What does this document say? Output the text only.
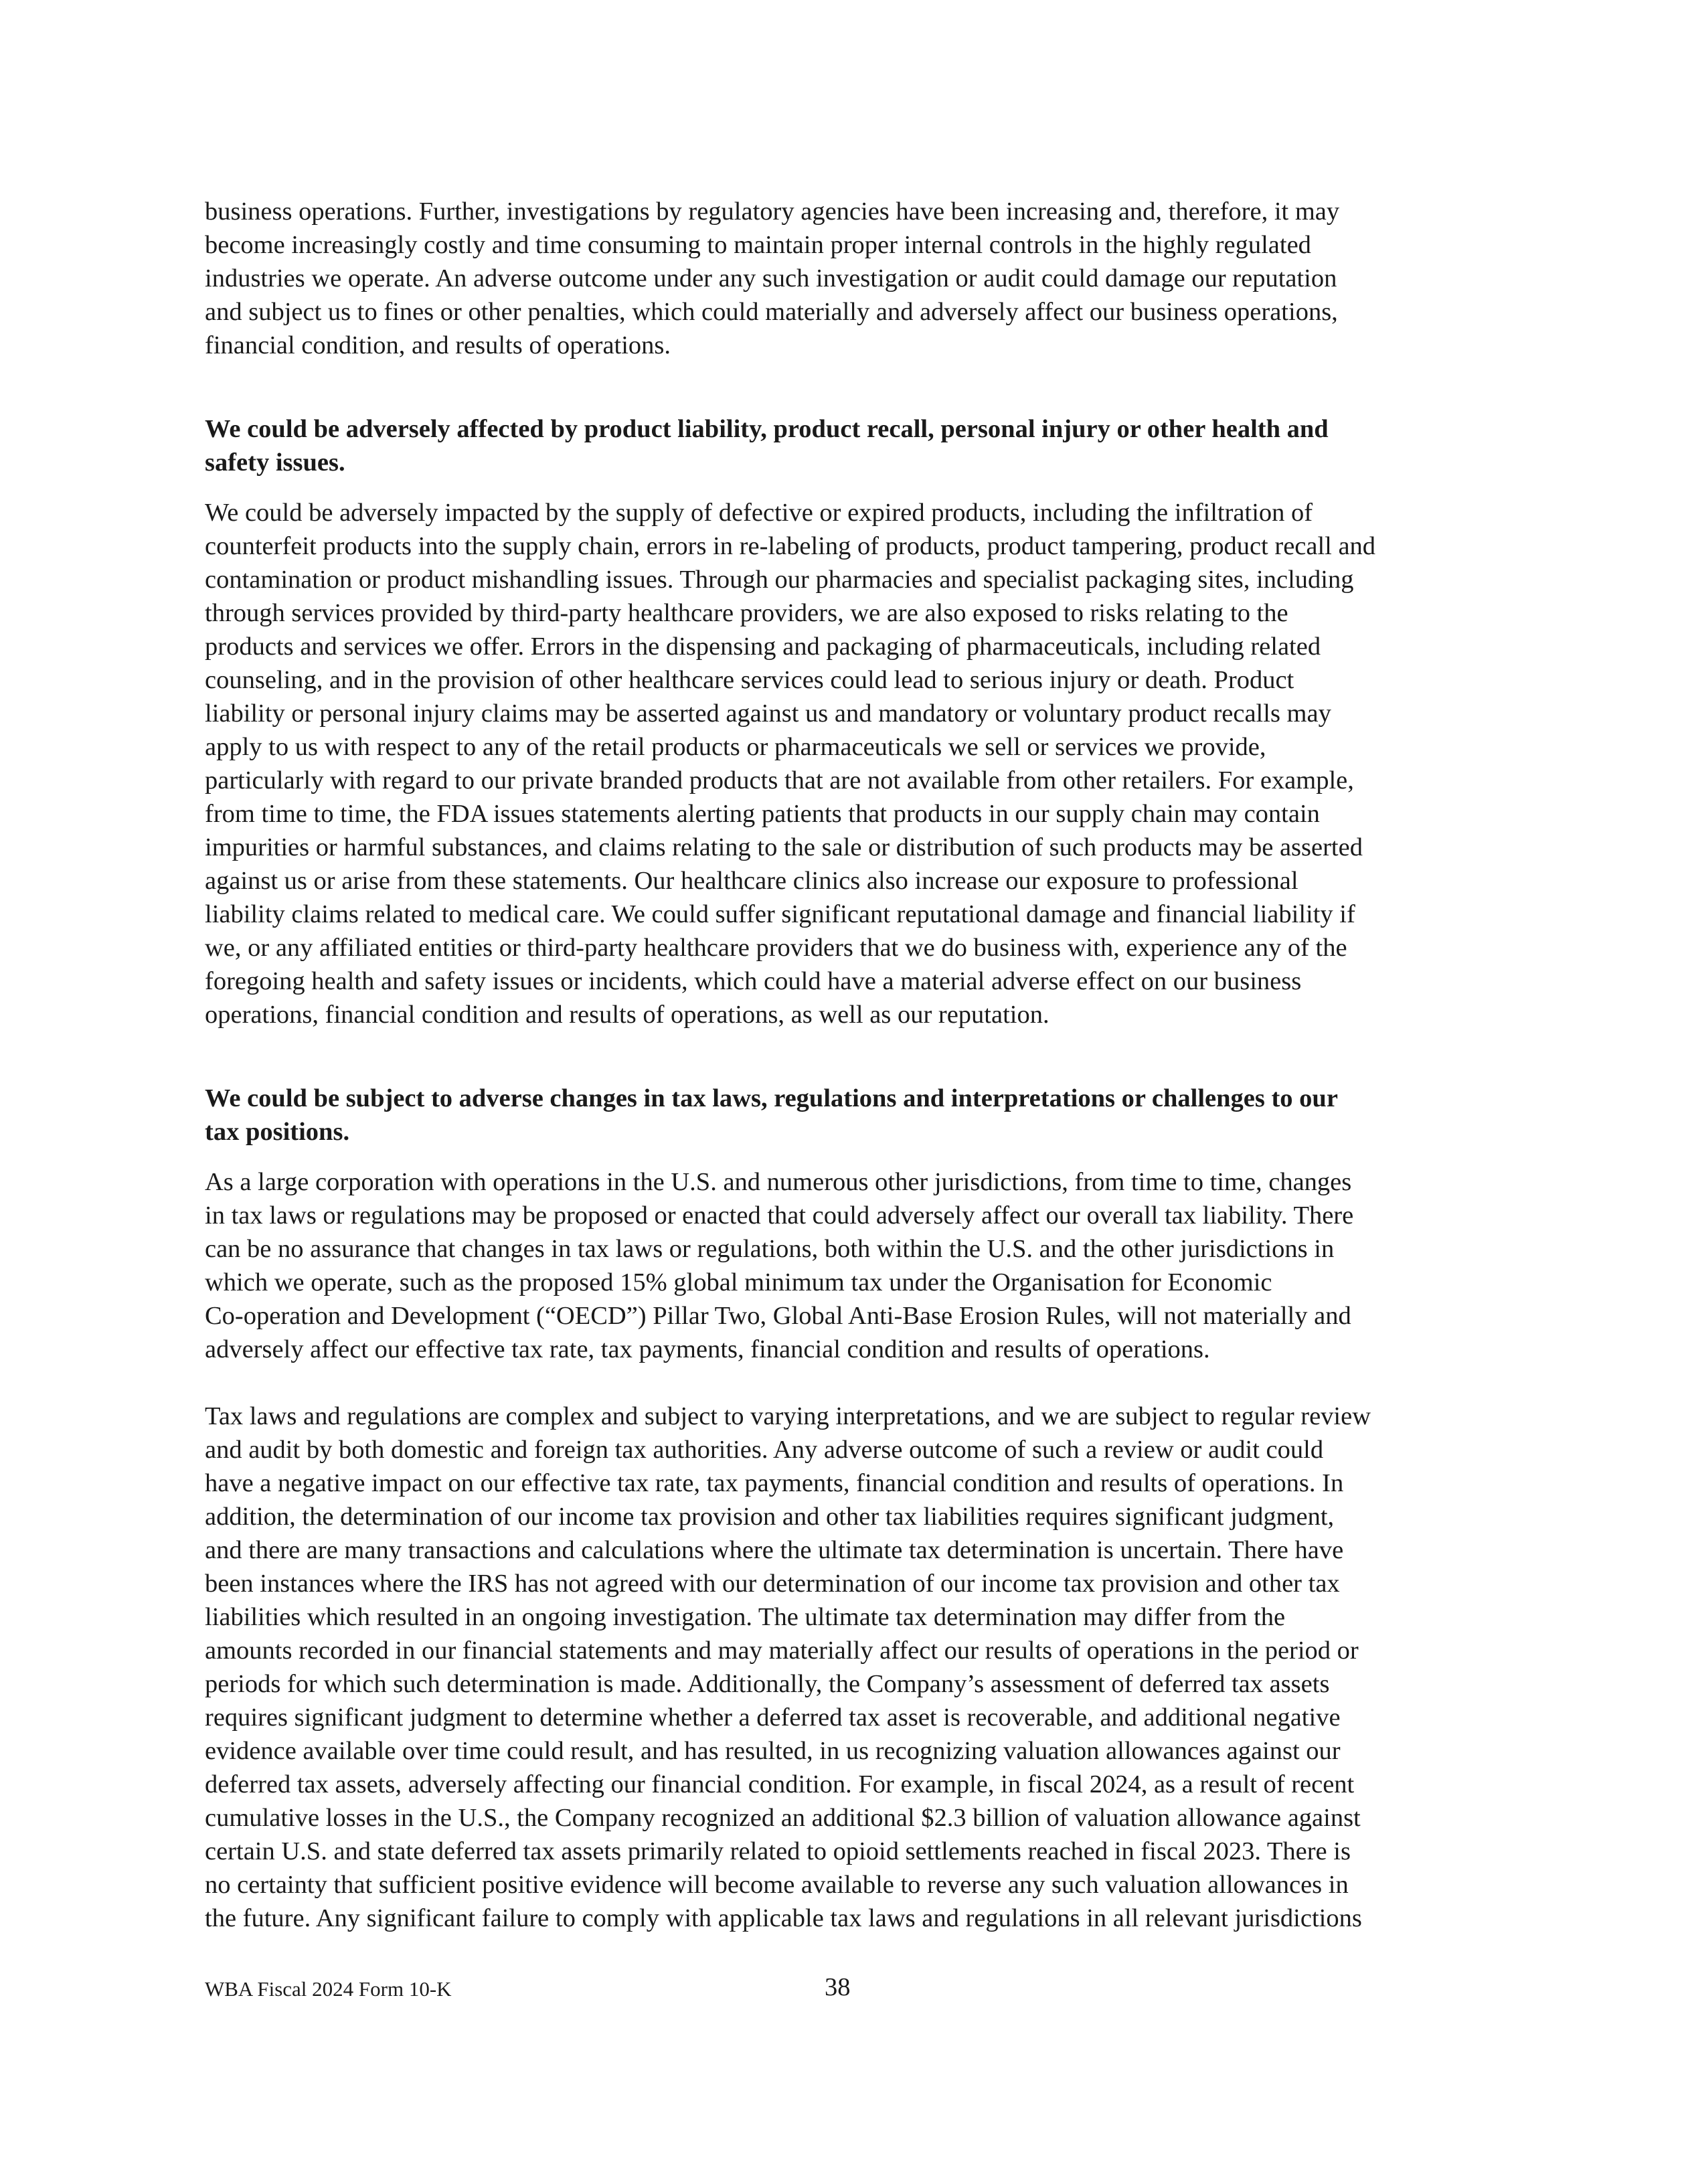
business operations. Further, investigations by regulatory agencies have been increasing and, therefore, it may
become increasingly costly and time consuming to maintain proper internal controls in the highly regulated
industries we operate. An adverse outcome under any such investigation or audit could damage our reputation
and subject us to fines or other penalties, which could materially and adversely affect our business operations,
financial condition, and results of operations.

We could be adversely affected by product liability, product recall, personal injury or other health and
safety issues.

We could be adversely impacted by the supply of defective or expired products, including the infiltration of
counterfeit products into the supply chain, errors in re-labeling of products, product tampering, product recall and
contamination or product mishandling issues. Through our pharmacies and specialist packaging sites, including
through services provided by third-party healthcare providers, we are also exposed to risks relating to the
products and services we offer. Errors in the dispensing and packaging of pharmaceuticals, including related
counseling, and in the provision of other healthcare services could lead to serious injury or death. Product
liability or personal injury claims may be asserted against us and mandatory or voluntary product recalls may
apply to us with respect to any of the retail products or pharmaceuticals we sell or services we provide,
particularly with regard to our private branded products that are not available from other retailers. For example,
from time to time, the FDA issues statements alerting patients that products in our supply chain may contain
impurities or harmful substances, and claims relating to the sale or distribution of such products may be asserted
against us or arise from these statements. Our healthcare clinics also increase our exposure to professional
liability claims related to medical care. We could suffer significant reputational damage and financial liability if
we, or any affiliated entities or third-party healthcare providers that we do business with, experience any of the
foregoing health and safety issues or incidents, which could have a material adverse effect on our business
operations, financial condition and results of operations, as well as our reputation.

We could be subject to adverse changes in tax laws, regulations and interpretations or challenges to our
tax positions.

As a large corporation with operations in the U.S. and numerous other jurisdictions, from time to time, changes
in tax laws or regulations may be proposed or enacted that could adversely affect our overall tax liability. There
can be no assurance that changes in tax laws or regulations, both within the U.S. and the other jurisdictions in
which we operate, such as the proposed 15% global minimum tax under the Organisation for Economic
Co-operation and Development (“OECD”) Pillar Two, Global Anti-Base Erosion Rules, will not materially and
adversely affect our effective tax rate, tax payments, financial condition and results of operations.

Tax laws and regulations are complex and subject to varying interpretations, and we are subject to regular review
and audit by both domestic and foreign tax authorities. Any adverse outcome of such a review or audit could
have a negative impact on our effective tax rate, tax payments, financial condition and results of operations. In
addition, the determination of our income tax provision and other tax liabilities requires significant judgment,
and there are many transactions and calculations where the ultimate tax determination is uncertain. There have
been instances where the IRS has not agreed with our determination of our income tax provision and other tax
liabilities which resulted in an ongoing investigation. The ultimate tax determination may differ from the
amounts recorded in our financial statements and may materially affect our results of operations in the period or
periods for which such determination is made. Additionally, the Company’s assessment of deferred tax assets
requires significant judgment to determine whether a deferred tax asset is recoverable, and additional negative
evidence available over time could result, and has resulted, in us recognizing valuation allowances against our
deferred tax assets, adversely affecting our financial condition. For example, in fiscal 2024, as a result of recent
cumulative losses in the U.S., the Company recognized an additional $2.3 billion of valuation allowance against
certain U.S. and state deferred tax assets primarily related to opioid settlements reached in fiscal 2023. There is
no certainty that sufficient positive evidence will become available to reverse any such valuation allowances in
the future. Any significant failure to comply with applicable tax laws and regulations in all relevant jurisdictions

WBA Fiscal 2024 Form 10-K	38
